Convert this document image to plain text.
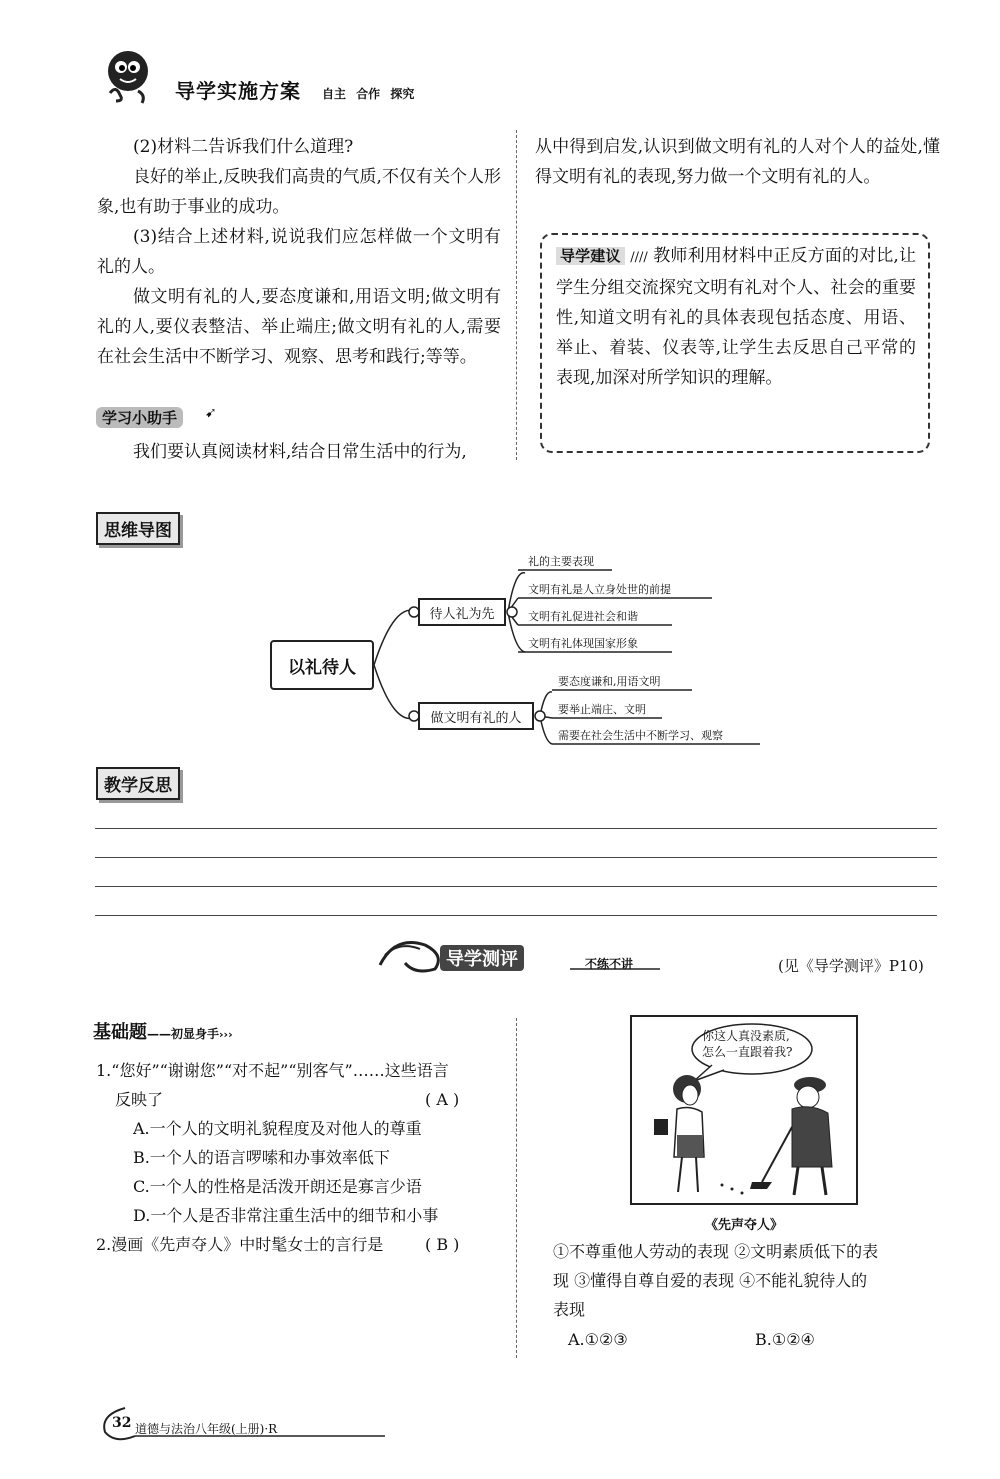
导学实施方案 自主 合作 探究
(2)材料二告诉我们什么道理?
良好的举止,反映我们高贵的气质,不仅有关个人形象,也有助于事业的成功。
(3)结合上述材料,说说我们应怎样做一个文明有礼的人。
做文明有礼的人,要态度谦和,用语文明;做文明有礼的人,要仪表整洁、举止端庄;做文明有礼的人,需要在社会生活中不断学习、观察、思考和践行;等等。
学习小助手	➹
我们要认真阅读材料,结合日常生活中的行为,
从中得到启发,认识到做文明有礼的人对个人的益处,懂得文明有礼的表现,努力做一个文明有礼的人。
导学建议 //// 教师利用材料中正反方面的对比,让学生分组交流探究文明有礼对个人、社会的重要性,知道文明有礼的具体表现包括态度、用语、举止、着装、仪表等,让学生去反思自己平常的表现,加深对所学知识的理解。
思维导图
以礼待人
待人礼为先
做文明有礼的人
礼的主要表现
文明有礼是人立身处世的前提
文明有礼促进社会和谐
文明有礼体现国家形象
要态度谦和,用语文明
要举止端庄、文明
需要在社会生活中不断学习、观察
教学反思
导学测评	不练不讲	(见《导学测评》P10)
基础题——初显身手›››
1.“您好”“谢谢您”“对不起”“别客气”……这些语言
反映了	( A )
A.一个人的文明礼貌程度及对他人的尊重
B.一个人的语言啰嗦和办事效率低下
C.一个人的性格是活泼开朗还是寡言少语
D.一个人是否非常注重生活中的细节和小事
2.漫画《先声夺人》中时髦女士的言行是	( B )
你这人真没素质,
怎么一直跟着我?
《先声夺人》
①不尊重他人劳动的表现 ②文明素质低下的表
现 ③懂得自尊自爱的表现 ④不能礼貌待人的
表现
A.①②③	B.①②④
32 道德与法治八年级(上册)·R
